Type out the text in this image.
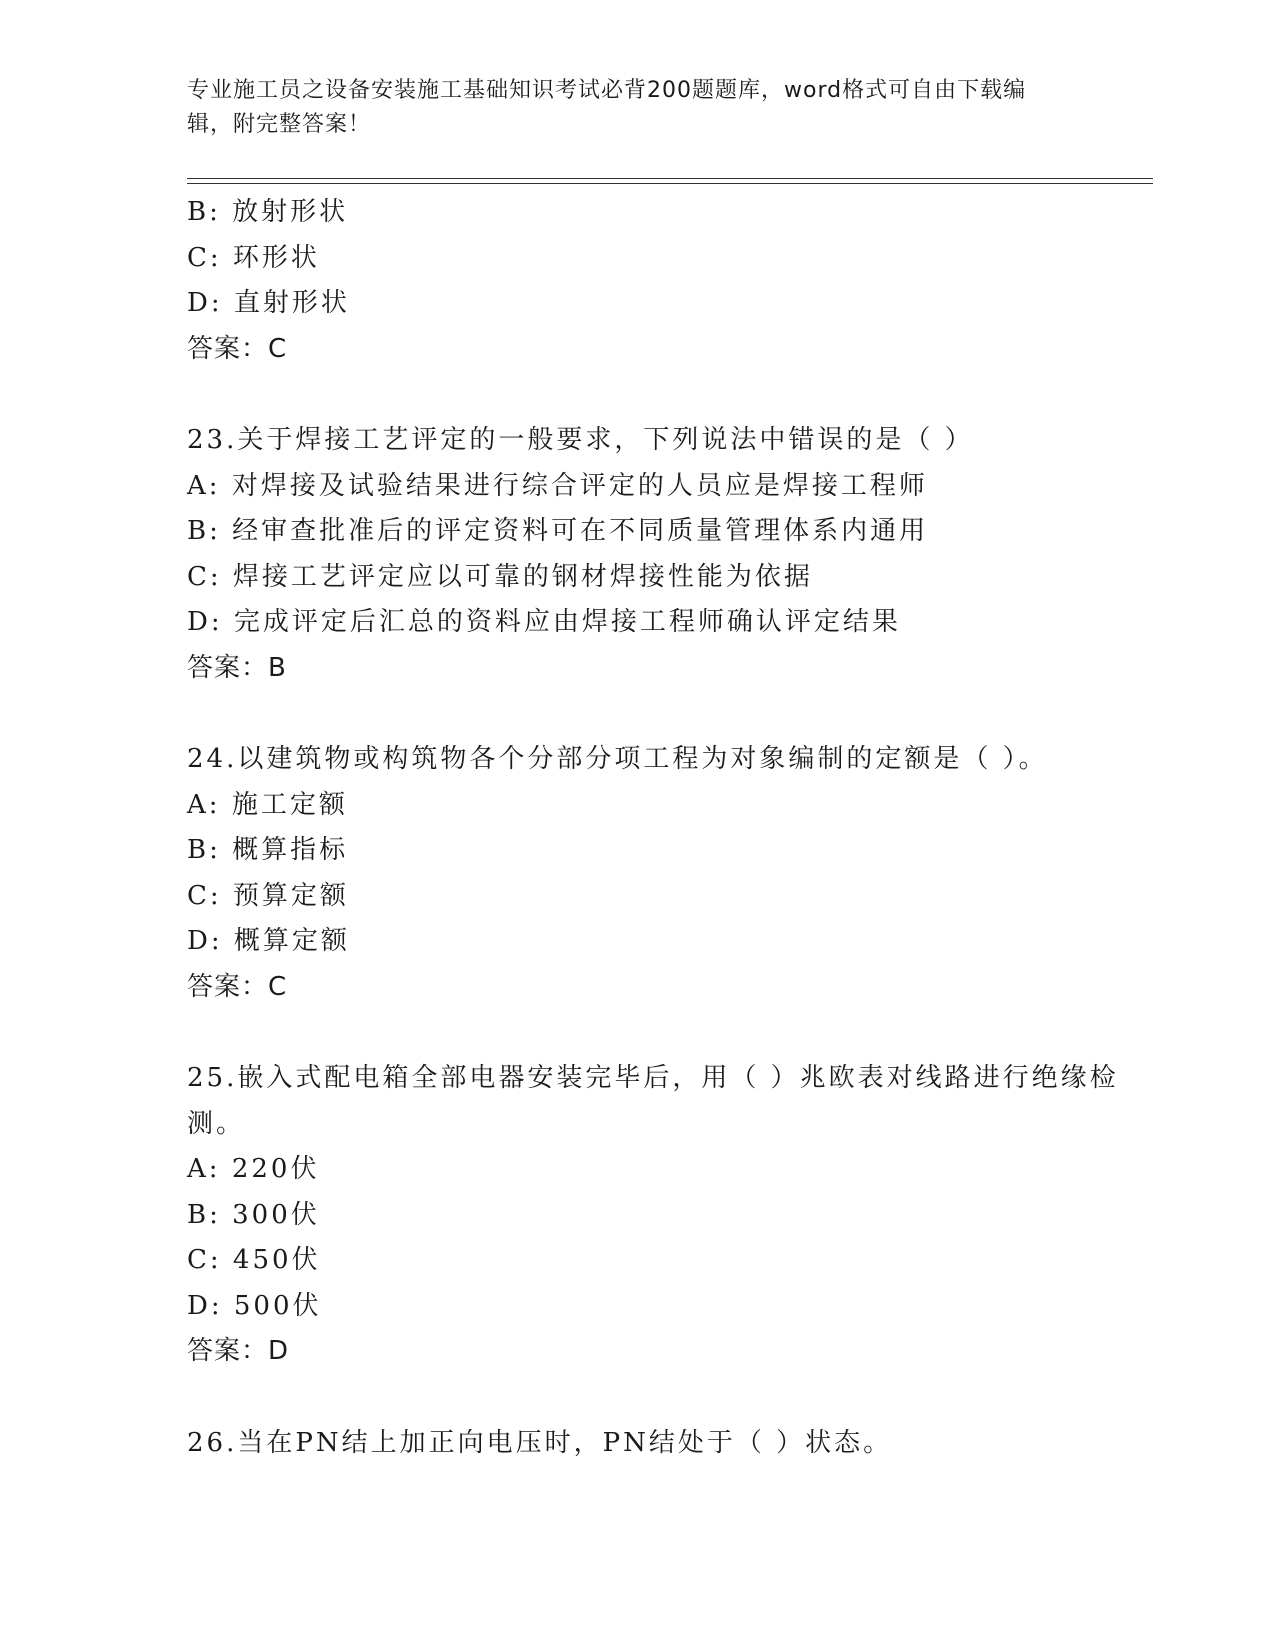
专业施工员之设备安装施工基础知识考试必背200题题库，word格式可自由下载编辑，附完整答案！
B: 放射形状
C: 环形状
D: 直射形状
答案：C
23.关于焊接工艺评定的一般要求，下列说法中错误的是（ ）
A: 对焊接及试验结果进行综合评定的人员应是焊接工程师
B: 经审查批准后的评定资料可在不同质量管理体系内通用
C: 焊接工艺评定应以可靠的钢材焊接性能为依据
D: 完成评定后汇总的资料应由焊接工程师确认评定结果
答案：B
24.以建筑物或构筑物各个分部分项工程为对象编制的定额是（ ）。
A: 施工定额
B: 概算指标
C: 预算定额
D: 概算定额
答案：C
25.嵌入式配电箱全部电器安装完毕后，用（ ）兆欧表对线路进行绝缘检测。
A: 220伏
B: 300伏
C: 450伏
D: 500伏
答案：D
26.当在PN结上加正向电压时，PN结处于（ ）状态。
